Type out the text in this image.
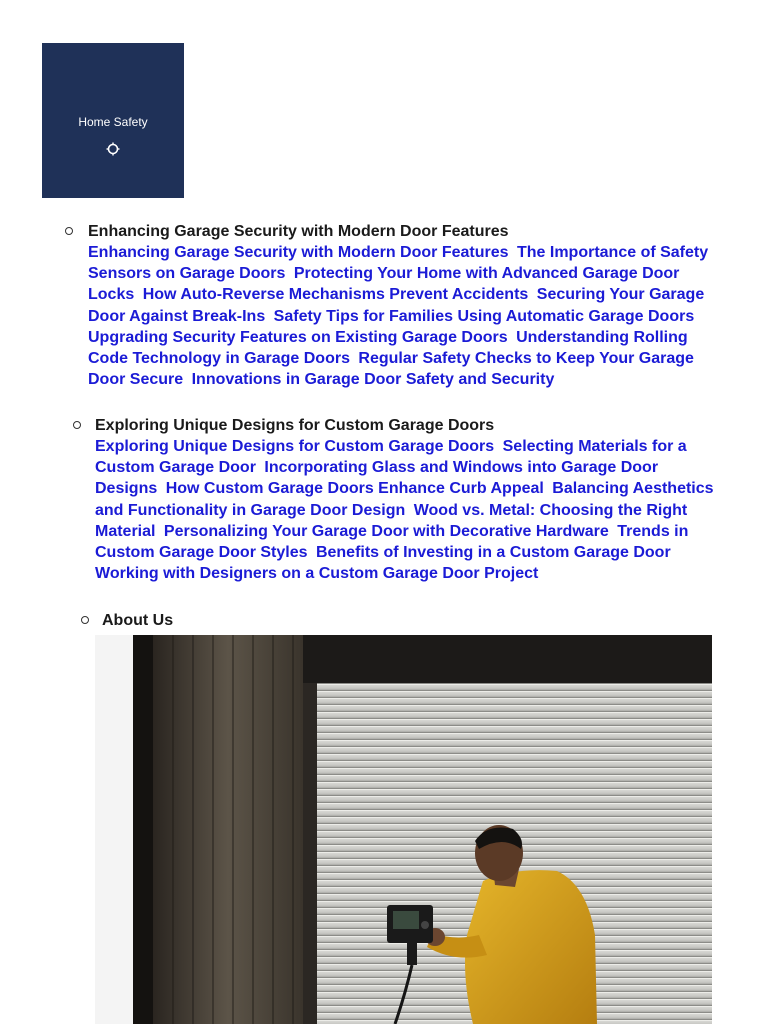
Home Safety
Enhancing Garage Security with Modern Door Features
Enhancing Garage Security with Modern Door Features The Importance of Safety Sensors on Garage Doors Protecting Your Home with Advanced Garage Door Locks How Auto-Reverse Mechanisms Prevent Accidents Securing Your Garage Door Against Break-Ins Safety Tips for Families Using Automatic Garage Doors Upgrading Security Features on Existing Garage Doors Understanding Rolling Code Technology in Garage Doors Regular Safety Checks to Keep Your Garage Door Secure Innovations in Garage Door Safety and Security
Exploring Unique Designs for Custom Garage Doors
Exploring Unique Designs for Custom Garage Doors Selecting Materials for a Custom Garage Door Incorporating Glass and Windows into Garage Door Designs How Custom Garage Doors Enhance Curb Appeal Balancing Aesthetics and Functionality in Garage Door Design Wood vs. Metal: Choosing the Right Material Personalizing Your Garage Door with Decorative Hardware Trends in Custom Garage Door Styles Benefits of Investing in a Custom Garage Door Working with Designers on a Custom Garage Door Project
About Us
